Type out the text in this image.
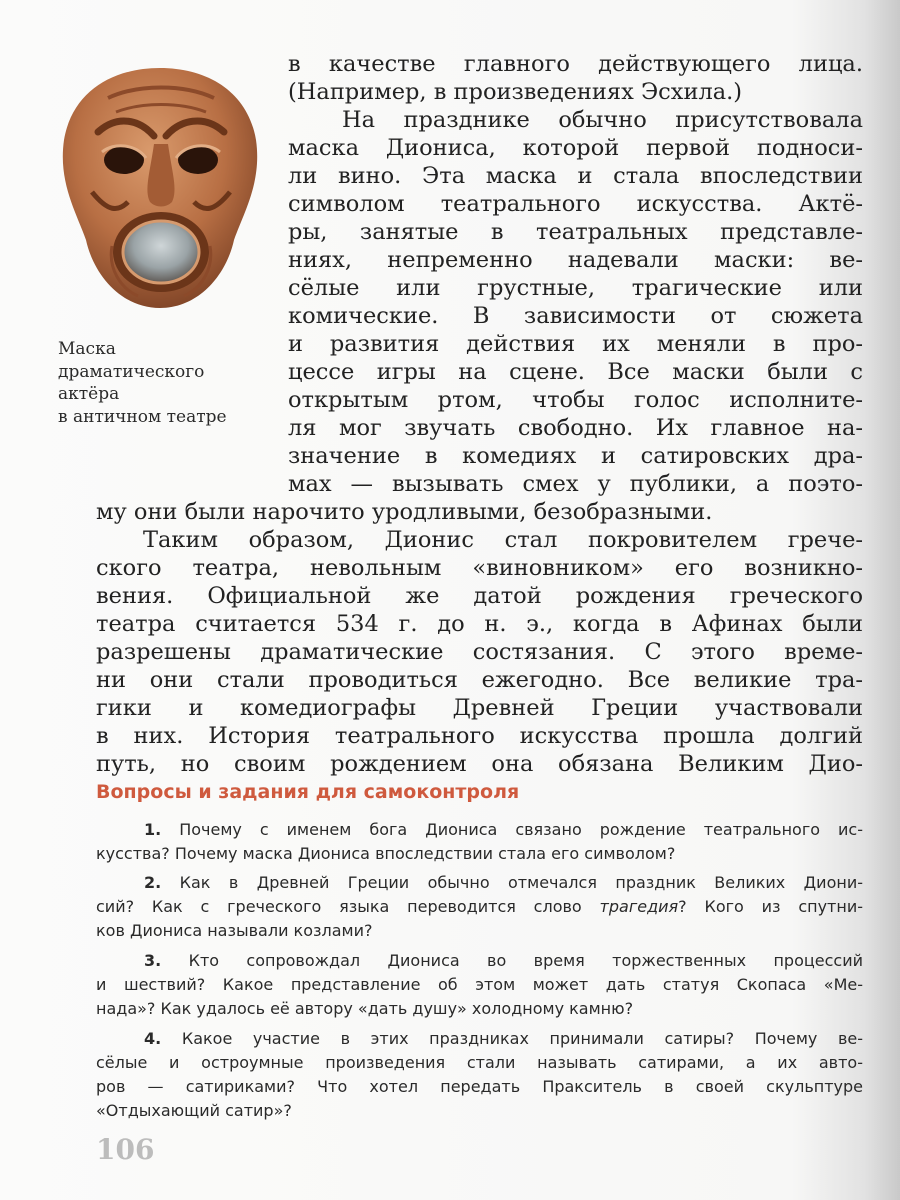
Маска
драматического
актёра
в античном театре
в качестве главного действующего лица.
(Например, в произведениях Эсхила.)
На празднике обычно присутствовала
маска Диониса, которой первой подноси-
ли вино. Эта маска и стала впоследствии
символом театрального искусства. Актё-
ры, занятые в театральных представле-
ниях, непременно надевали маски: ве-
сёлые или грустные, трагические или
комические. В зависимости от сюжета
и развития действия их меняли в про-
цессе игры на сцене. Все маски были с
открытым ртом, чтобы голос исполните-
ля мог звучать свободно. Их главное на-
значение в комедиях и сатировских дра-
мах — вызывать смех у публики, а поэто-
му они были нарочито уродливыми, безобразными.
Таким образом, Дионис стал покровителем грече-
ского театра, невольным «виновником» его возникно-
вения. Официальной же датой рождения греческого
театра считается 534 г. до н. э., когда в Афинах были
разрешены драматические состязания. С этого време-
ни они стали проводиться ежегодно. Все великие тра-
гики и комедиографы Древней Греции участвовали
в них. История театрального искусства прошла долгий
путь, но своим рождением она обязана Великим Дио-
Вопросы и задания для самоконтроля
1. Почему с именем бога Диониса связано рождение театрального ис-
кусства? Почему маска Диониса впоследствии стала его символом?
2. Как в Древней Греции обычно отмечался праздник Великих Диони-
сий? Как с греческого языка переводится слово трагедия? Кого из спутни-
ков Диониса называли козлами?
3. Кто сопровождал Диониса во время торжественных процессий
и шествий? Какое представление об этом может дать статуя Скопаса «Ме-
нада»? Как удалось её автору «дать душу» холодному камню?
4. Какое участие в этих праздниках принимали сатиры? Почему ве-
сёлые и остроумные произведения стали называть сатирами, а их авто-
ров — сатириками? Что хотел передать Пракситель в своей скульптуре
«Отдыхающий сатир»?
106
